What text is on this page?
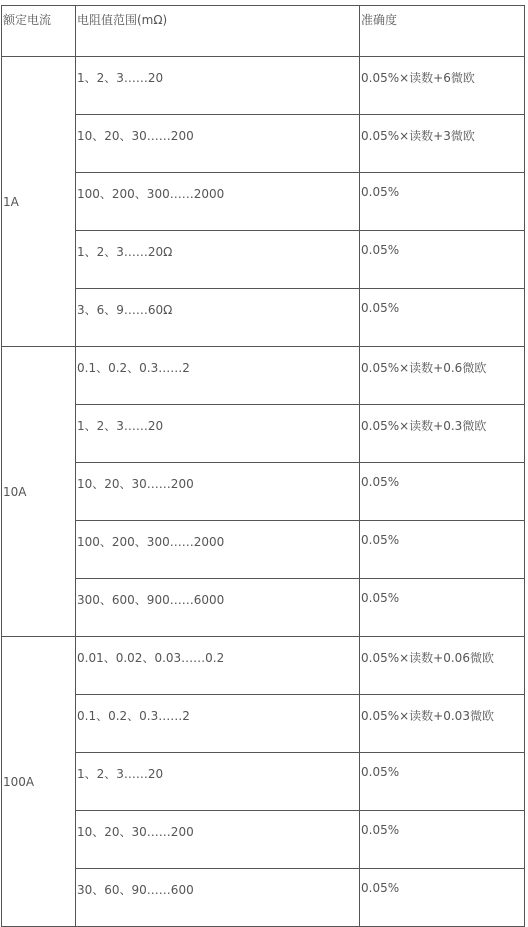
额定电流	电阻值范围(mΩ)	准确度
1A	1、2、3……20	0.05%×读数+6微欧
	10、20、30……200	0.05%×读数+3微欧
	100、200、300……2000	0.05%
	1、2、3……20Ω	0.05%
	3、6、9……60Ω	0.05%
10A	0.1、0.2、0.3……2	0.05%×读数+0.6微欧
	1、2、3……20	0.05%×读数+0.3微欧
	10、20、30……200	0.05%
	100、200、300……2000	0.05%
	300、600、900……6000	0.05%
100A	0.01、0.02、0.03……0.2	0.05%×读数+0.06微欧
	0.1、0.2、0.3……2	0.05%×读数+0.03微欧
	1、2、3……20	0.05%
	10、20、30……200	0.05%
	30、60、90……600	0.05%
